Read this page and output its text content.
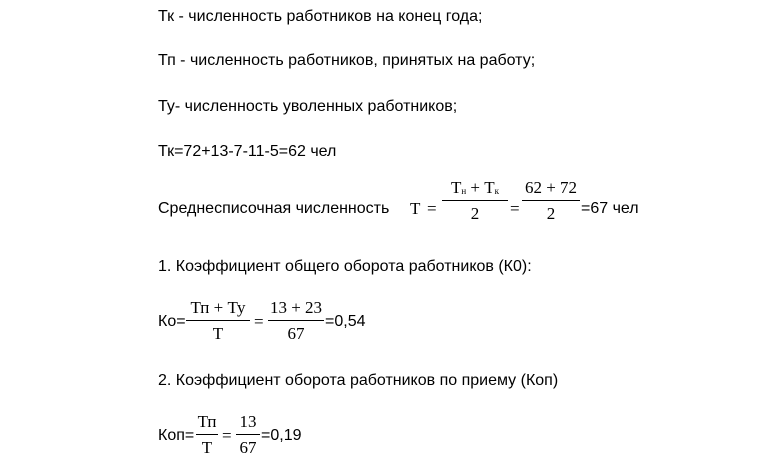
Тк - численность работников на конец года;
Тп - численность работников, принятых на работу;
Ту- численность уволенных работников;
Тк=72+13-7-11-5=62 чел
Среднесписочная численность T =
Tн + Tк
2	=
62 + 72
2	=67 чел
1. Коэффициент общего оборота работников (К0):
Ко=
Тп + Ту
Т
=
13 + 23
67
=0,54
2. Коэффициент оборота работников по приему (Коп)
Коп=
Тп
Т
=
13
67
=0,19
